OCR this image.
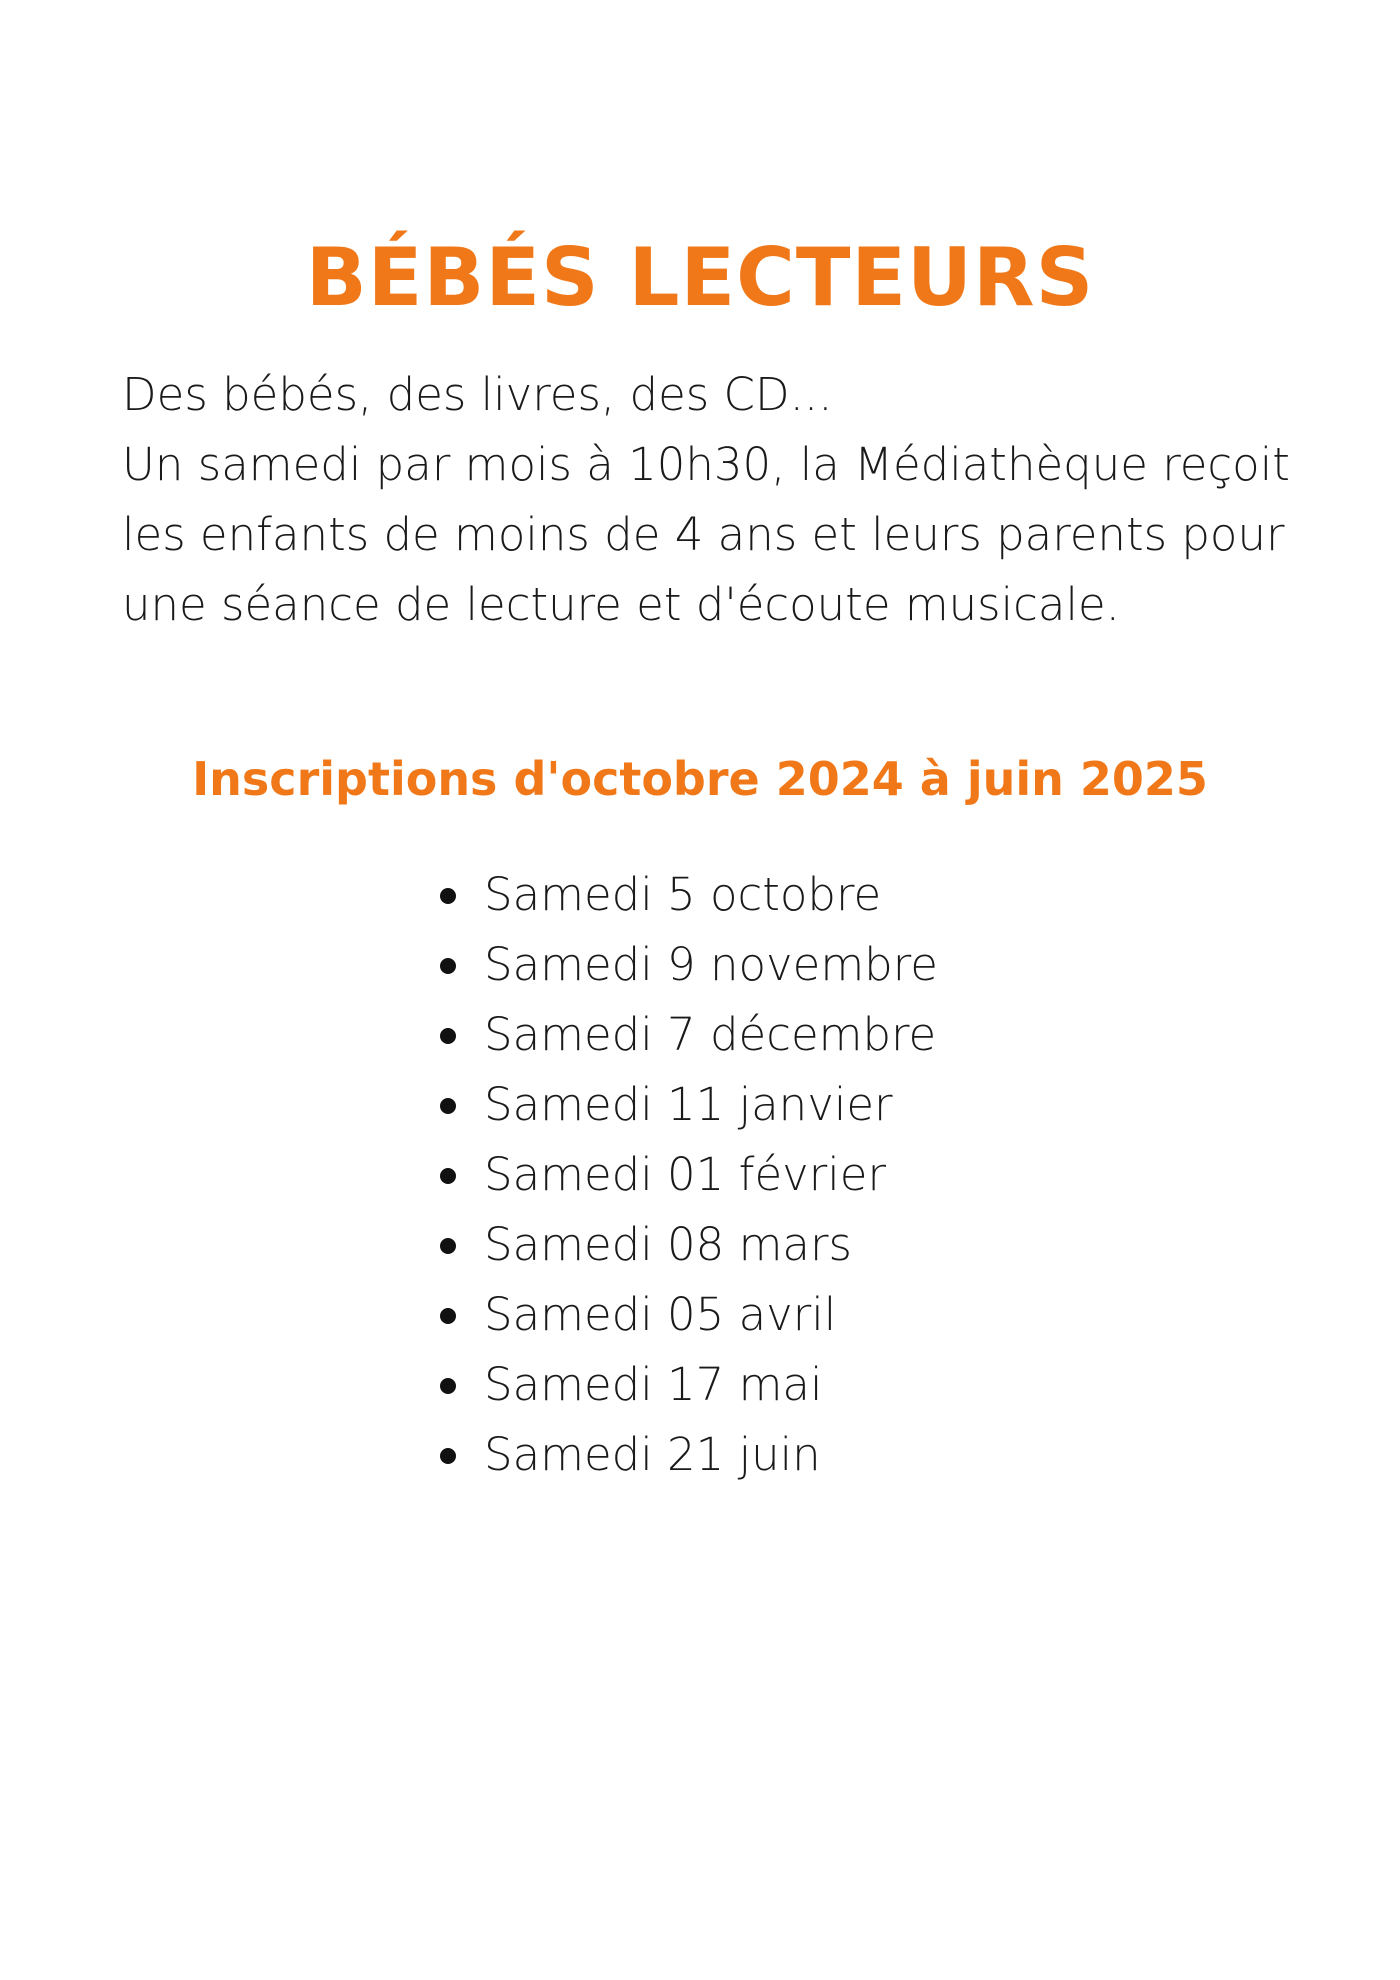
BÉBÉS LECTEURS

Des bébés, des livres, des CD...

Un samedi par mois à 10h30, la Médiathèque reçoit

les enfants de moins de 4 ans et leurs parents pour

une séance de lecture et d'écoute musicale.

Inscriptions d'octobre 2024 à juin 2025
Samedi 5 octobre
Samedi 9 novembre
Samedi 7 décembre
Samedi 11 janvier
Samedi 01 février
Samedi 08 mars
Samedi 05 avril
Samedi 17 mai
Samedi 21 juin
